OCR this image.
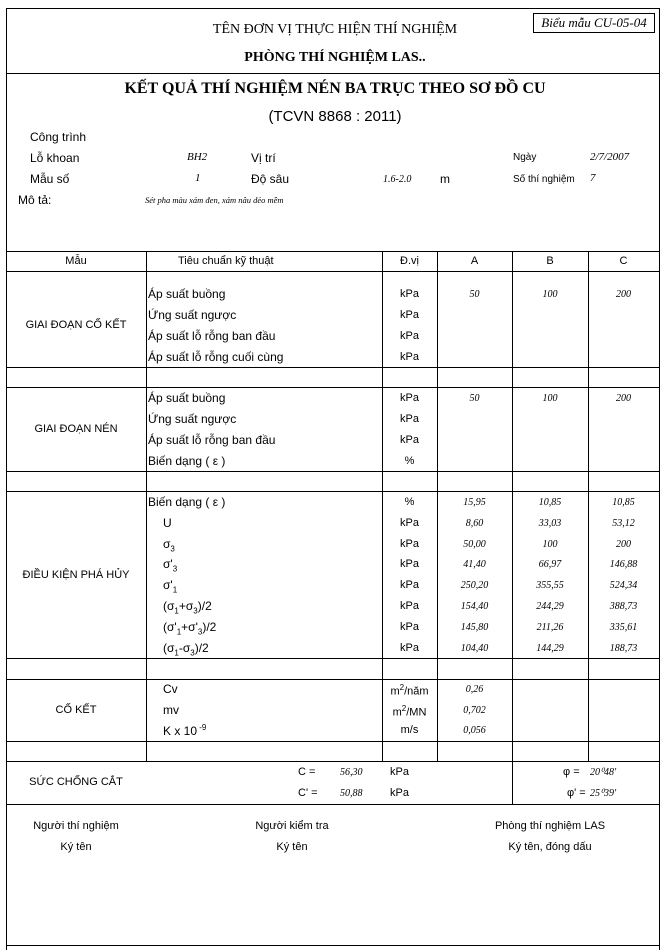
TÊN ĐƠN VỊ THỰC HIỆN THÍ NGHIỆM
PHÒNG THÍ NGHIỆM LAS..
Biểu mẫu CU-05-04
KẾT QUẢ THÍ NGHIỆM NÉN BA TRỤC THEO SƠ ĐỒ CU
(TCVN 8868 : 2011)
Công trình
Lỗ khoan	BH2	Vị trí	Ngày	2/7/2007
Mẫu số	1	Độ sâu	1.6-2.0 m	Số thí nghiệm 7
Mô tả:	Sét pha màu xám đen, xám nâu dẻo mềm
Mẫu	Tiêu chuẩn kỹ thuật	Đ.vị	A	B	C
GIAI ĐOẠN CỐ KẾT
Áp suất buồng	kPa	50	100	200
Ứng suất ngược	kPa
Áp suất lỗ rỗng ban đầu	kPa
Áp suất lỗ rỗng cuối cùng	kPa
GIAI ĐOẠN NÉN
Áp suất buồng	kPa	50	100	200
Ứng suất ngược	kPa
Áp suất lỗ rỗng ban đầu	kPa
Biến dạng ( ε )	%
ĐIỀU KIỆN PHÁ HỦY
Biến dạng ( ε )	%	15,95	10,85	10,85
U	kPa	8,60	33,03	53,12
$\sigma_3$	kPa	50,00	100	200
$\sigma'_3$	kPa	41,40	66,97	146,88
$\sigma'_1$	kPa	250,20	355,55	524,34
$(\sigma_1+\sigma_3)/2$	kPa	154,40	244,29	388,73
$(\sigma'_1+\sigma'_3)/2$	kPa	145,80	211,26	335,61
$(\sigma_1-\sigma_3)/2$	kPa	104,40	144,29	188,73
CỐ KẾT
Cv	$m^2$/năm	0,26
mv	$m^2/MN$	0,702
K x 10 $^{-9}$	m/s	0,056
SỨC CHỐNG CẮT
C = 56,30	kPa
C' = 50,88	kPa
φ = 20⁰48'
φ' = 25⁰39'
Người thí nghiệm
Ký tên
Người kiểm tra
Ký tên
Phòng thí nghiệm LAS
Ký tên, đóng dấu
